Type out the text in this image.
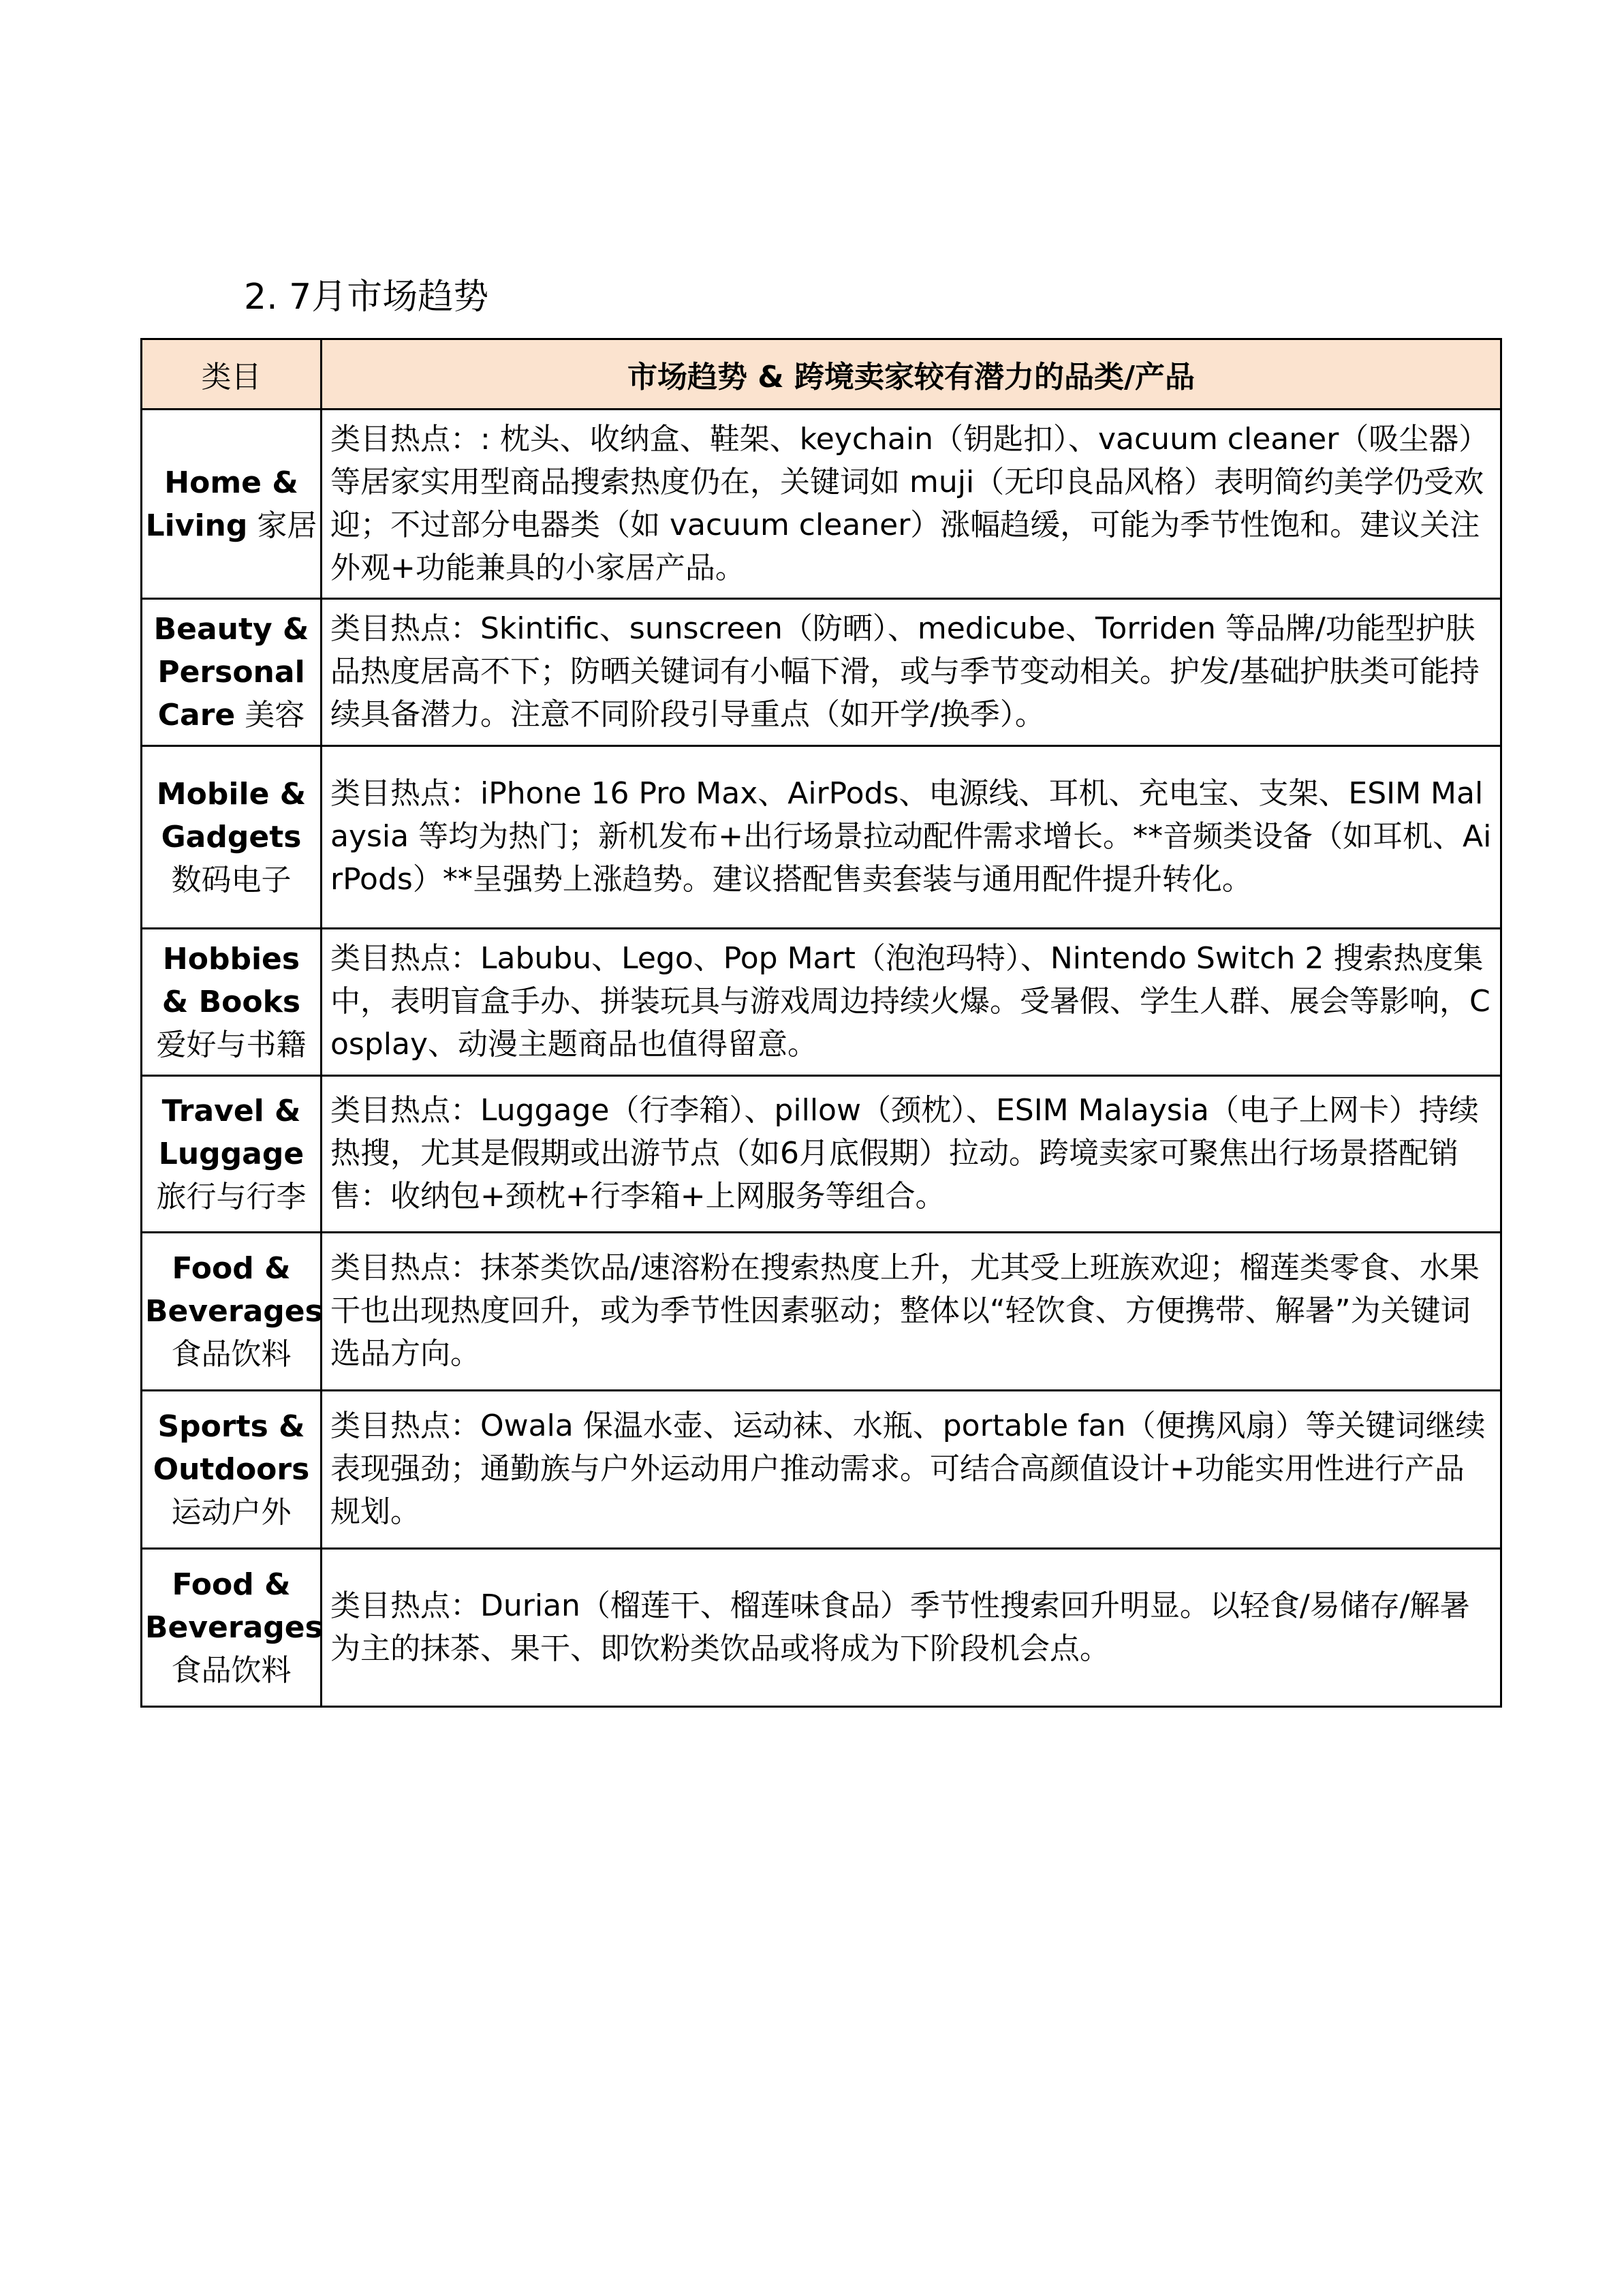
2. 7月市场趋势
类目	市场趋势 & 跨境卖家较有潜力的品类/产品
Home & Living 家居	类目热点：: 枕头、收纳盒、鞋架、keychain（钥匙扣）、vacuum cleaner（吸尘器）等居家实用型商品搜索热度仍在，关键词如 muji（无印良品风格）表明简约美学仍受欢迎；不过部分电器类（如 vacuum cleaner）涨幅趋缓，可能为季节性饱和。建议关注外观+功能兼具的小家居产品。
Beauty & Personal Care 美容	类目热点：Skintific、sunscreen（防晒）、medicube、Torriden 等品牌/功能型护肤品热度居高不下；防晒关键词有小幅下滑，或与季节变动相关。护发/基础护肤类可能持续具备潜力。注意不同阶段引导重点（如开学/换季）。
Mobile & Gadgets 数码电子	类目热点：iPhone 16 Pro Max、AirPods、电源线、耳机、充电宝、支架、ESIM Malaysia 等均为热门；新机发布+出行场景拉动配件需求增长。**音频类设备（如耳机、AirPods）**呈强势上涨趋势。建议搭配售卖套装与通用配件提升转化。
Hobbies & Books 爱好与书籍	类目热点：Labubu、Lego、Pop Mart（泡泡玛特）、Nintendo Switch 2 搜索热度集中，表明盲盒手办、拼装玩具与游戏周边持续火爆。受暑假、学生人群、展会等影响，Cosplay、动漫主题商品也值得留意。
Travel & Luggage 旅行与行李	类目热点：Luggage（行李箱）、pillow（颈枕）、ESIM Malaysia（电子上网卡）持续热搜，尤其是假期或出游节点（如6月底假期）拉动。跨境卖家可聚焦出行场景搭配销售：收纳包+颈枕+行李箱+上网服务等组合。
Food & Beverages 食品饮料	类目热点：抹茶类饮品/速溶粉在搜索热度上升，尤其受上班族欢迎；榴莲类零食、水果干也出现热度回升，或为季节性因素驱动；整体以“轻饮食、方便携带、解暑”为关键词选品方向。
Sports & Outdoors 运动户外	类目热点：Owala 保温水壶、运动袜、水瓶、portable fan（便携风扇）等关键词继续表现强劲；通勤族与户外运动用户推动需求。可结合高颜值设计+功能实用性进行产品规划。
Food & Beverages 食品饮料	类目热点：Durian（榴莲干、榴莲味食品）季节性搜索回升明显。以轻食/易储存/解暑为主的抹茶、果干、即饮粉类饮品或将成为下阶段机会点。
